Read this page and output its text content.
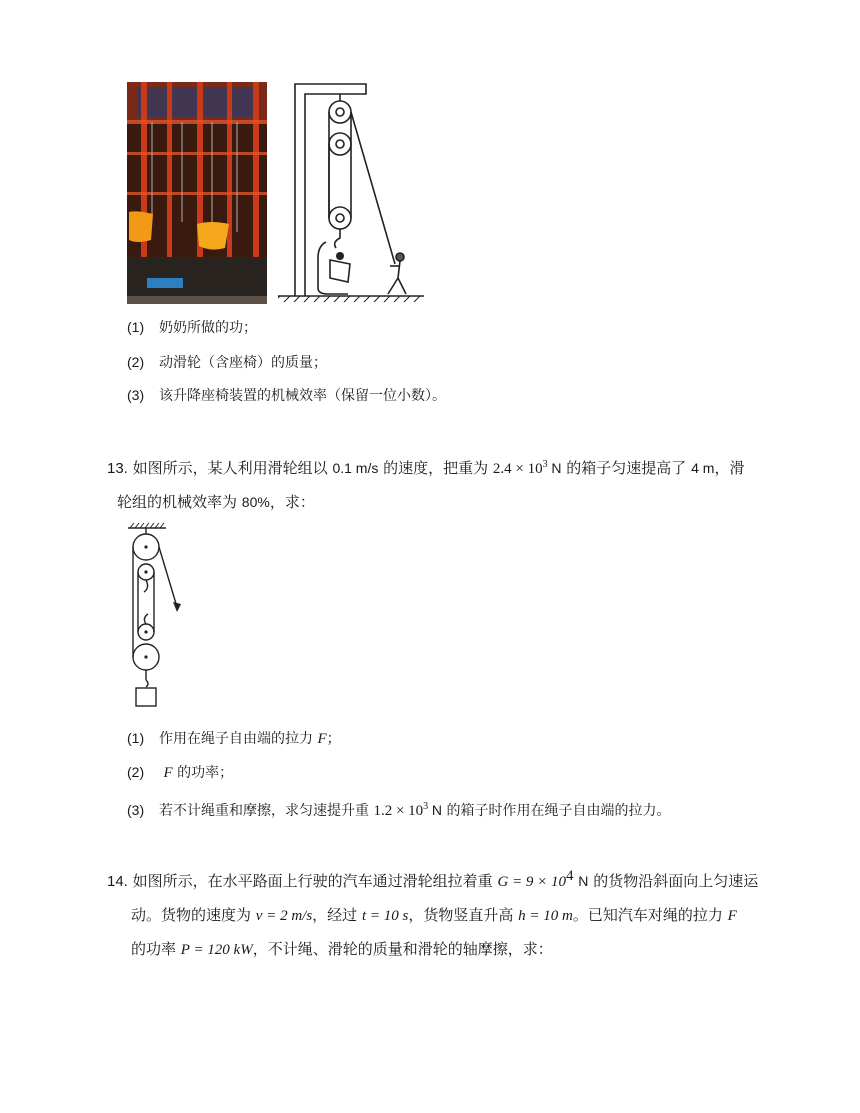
(1) 奶奶所做的功；
(2) 动滑轮（含座椅）的质量；
(3) 该升降座椅装置的机械效率（保留一位小数）。
13. 如图所示，某人利用滑轮组以 0.1 m/s 的速度，把重为 $2.4 \times 10^3$ N 的箱子匀速提高了 4 m，滑
轮组的机械效率为 80%，求：
(1) 作用在绳子自由端的拉力 F；
(2) F 的功率；
(3) 若不计绳重和摩擦，求匀速提升重 $1.2 \times 10^3$ N 的箱子时作用在绳子自由端的拉力。
14. 如图所示，在水平路面上行驶的汽车通过滑轮组拉着重 $G = 9 \times 10^4$ N 的货物沿斜面向上匀速运
动。货物的速度为 v = 2 m/s，经过 t = 10 s，货物竖直升高 h = 10 m。已知汽车对绳的拉力 F
的功率 P = 120 kW，不计绳、滑轮的质量和滑轮的轴摩擦，求：
